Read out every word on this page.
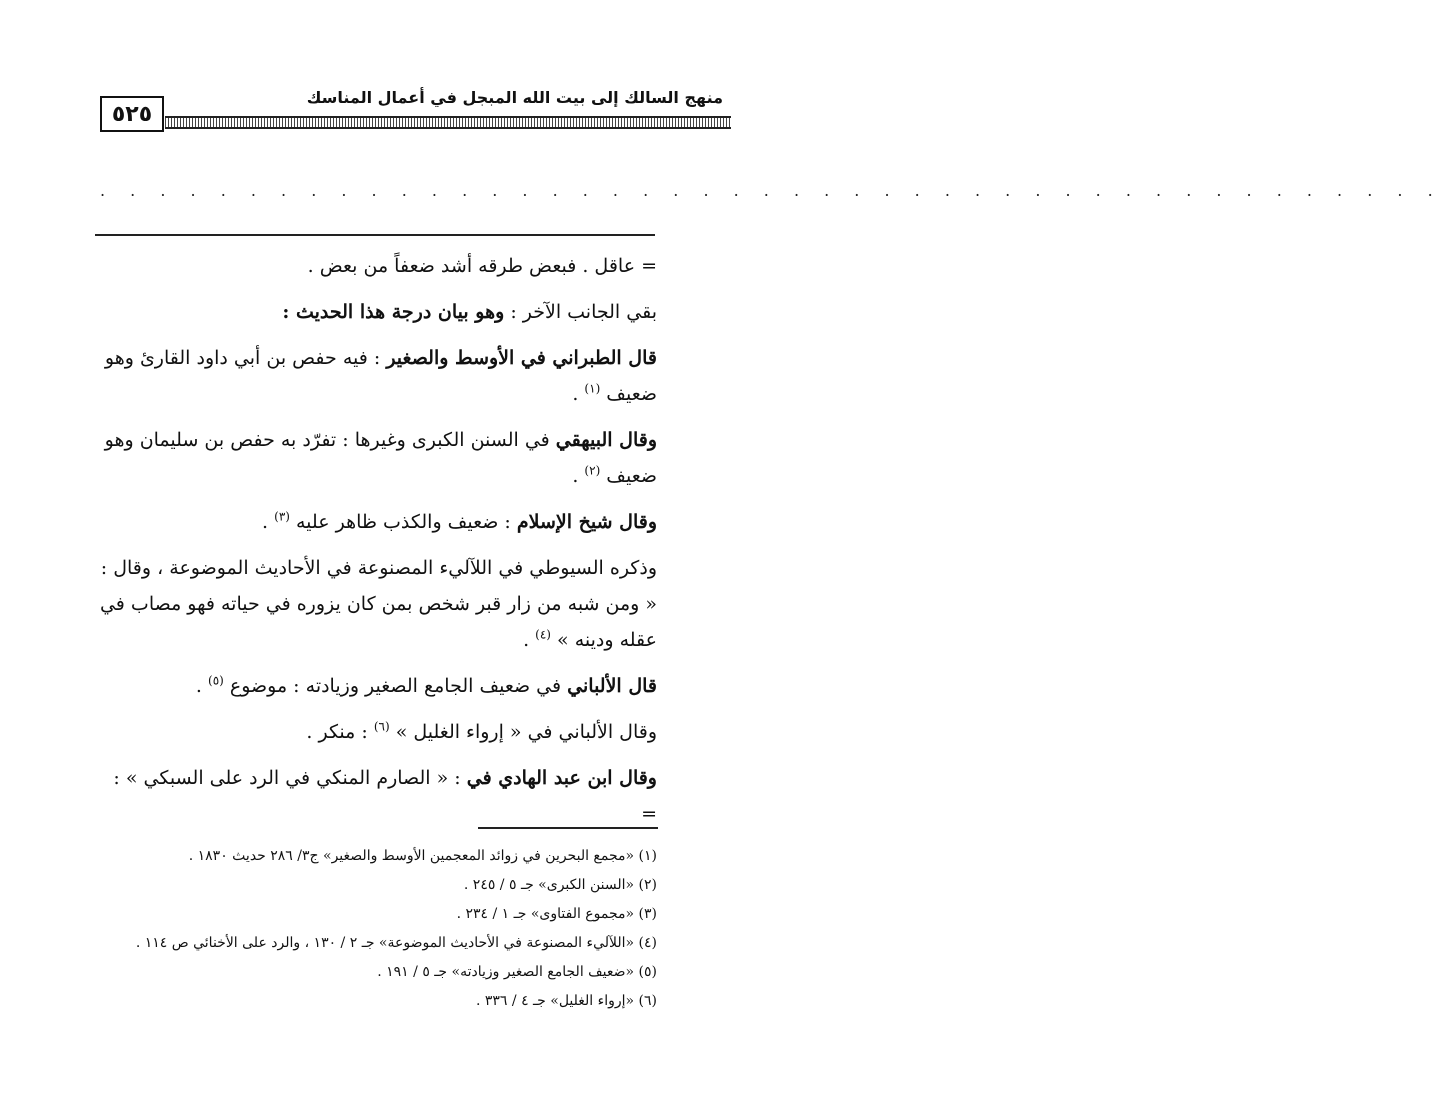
منهج السالك إلى بيت الله المبجل في أعمال المناسك
٥٢٥
. . . . . . . . . . . . . . . . . . . . . . . . . . . . . . . . . . . . . . . . . . . . .

= عاقل . فبعض طرقه أشد ضعفاً من بعض .

بقي الجانب الآخر : وهو بيان درجة هذا الحديث :

قال الطبراني في الأوسط والصغير : فيه حفص بن أبي داود القارئ وهو ضعيف $^{(١)}$ .

وقال البيهقي في السنن الكبرى وغيرها : تفرّد به حفص بن سليمان وهو ضعيف $^{(٢)}$ .

وقال شيخ الإسلام : ضعيف والكذب ظاهر عليه $^{(٣)}$ .

وذكره السيوطي في اللآليء المصنوعة في الأحاديث الموضوعة ، وقال : « ومن شبه من زار قبر شخص بمن كان يزوره في حياته فهو مصاب في عقله ودينه » $^{(٤)}$ .

قال الألباني في ضعيف الجامع الصغير وزيادته : موضوع $^{(٥)}$ .

وقال الألباني في « إرواء الغليل » $^{(٦)}$ : منكر .

وقال ابن عبد الهادي في : « الصارم المنكي في الرد على السبكي » : =

(١) «مجمع البحرين في زوائد المعجمين الأوسط والصغير» ج٣/ ٢٨٦ حديث ١٨٣٠ .
(٢) «السنن الكبرى» جـ ٥ / ٢٤٥ .
(٣) «مجموع الفتاوى» جـ ١ / ٢٣٤ .
(٤) «اللآليء المصنوعة في الأحاديث الموضوعة» جـ ٢ / ١٣٠ ، والرد على الأخنائي ص ١١٤ .
(٥) «ضعيف الجامع الصغير وزيادته» جـ ٥ / ١٩١ .
(٦) «إرواء الغليل» جـ ٤ / ٣٣٦ .
